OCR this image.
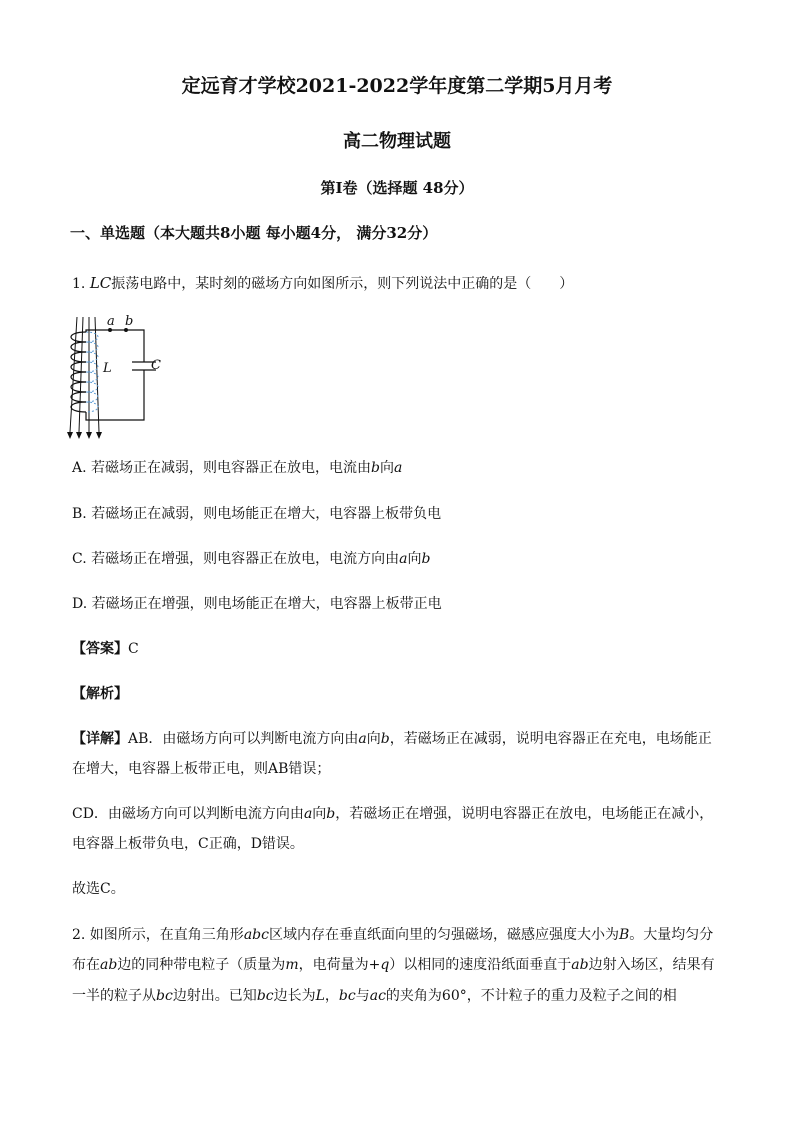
定远育才学校2021-2022学年度第二学期5月月考
高二物理试题
第Ⅰ卷（选择题 48分）
一、单选题（本大题共8小题 每小题4分， 满分32分）
1. LC振荡电路中，某时刻的磁场方向如图所示，则下列说法中正确的是（　　）
a b
L	C
A. 若磁场正在减弱，则电容器正在放电，电流由b向a
B. 若磁场正在减弱，则电场能正在增大，电容器上板带负电
C. 若磁场正在增强，则电容器正在放电，电流方向由a向b
D. 若磁场正在增强，则电场能正在增大，电容器上板带正电
【答案】C
【解析】
【详解】AB．由磁场方向可以判断电流方向由a向b，若磁场正在减弱，说明电容器正在充电，电场能正
在增大，电容器上板带正电，则AB错误；
CD．由磁场方向可以判断电流方向由a向b，若磁场正在增强，说明电容器正在放电，电场能正在减小，
电容器上板带负电，C正确，D错误。
故选C。
2. 如图所示，在直角三角形abc区域内存在垂直纸面向里的匀强磁场，磁感应强度大小为B。大量均匀分
布在ab边的同种带电粒子（质量为m，电荷量为+q）以相同的速度沿纸面垂直于ab边射入场区，结果有
一半的粒子从bc边射出。已知bc边长为L，bc与ac的夹角为60°，不计粒子的重力及粒子之间的相
